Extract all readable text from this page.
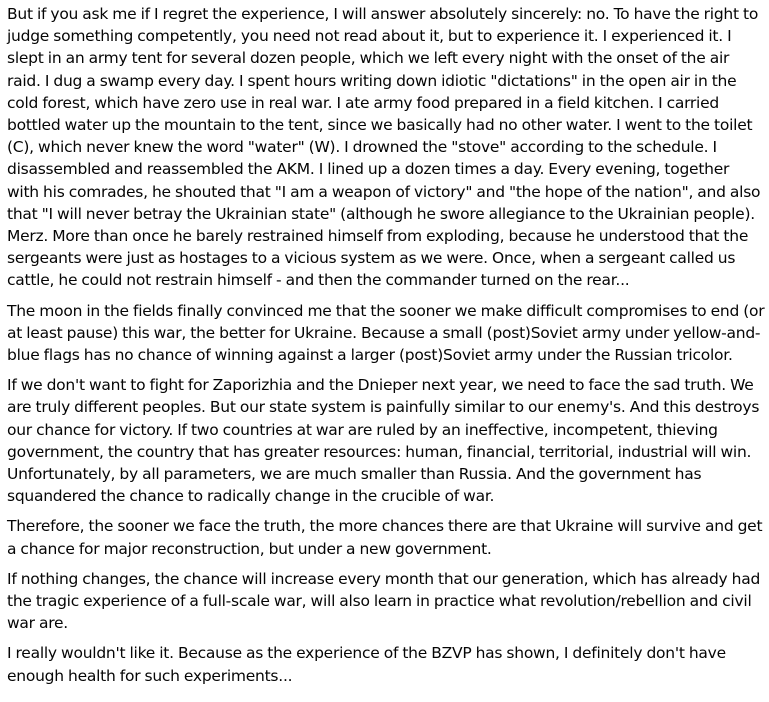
But if you ask me if I regret the experience, I will answer absolutely sincerely: no. To have the right to judge something competently, you need not read about it, but to experience it. I experienced it. I slept in an army tent for several dozen people, which we left every night with the onset of the air raid. I dug a swamp every day. I spent hours writing down idiotic "dictations" in the open air in the cold forest, which have zero use in real war. I ate army food prepared in a field kitchen. I carried bottled water up the mountain to the tent, since we basically had no other water. I went to the toilet (C), which never knew the word "water" (W). I drowned the "stove" according to the schedule. I disassembled and reassembled the AKM. I lined up a dozen times a day. Every evening, together with his comrades, he shouted that "I am a weapon of victory" and "the hope of the nation", and also that "I will never betray the Ukrainian state" (although he swore allegiance to the Ukrainian people). Merz. More than once he barely restrained himself from exploding, because he understood that the sergeants were just as hostages to a vicious system as we were. Once, when a sergeant called us cattle, he could not restrain himself - and then the commander turned on the rear...

The moon in the fields finally convinced me that the sooner we make difficult compromises to end (or at least pause) this war, the better for Ukraine. Because a small (post)Soviet army under yellow-and-blue flags has no chance of winning against a larger (post)Soviet army under the Russian tricolor.

If we don't want to fight for Zaporizhia and the Dnieper next year, we need to face the sad truth. We are truly different peoples. But our state system is painfully similar to our enemy's. And this destroys our chance for victory. If two countries at war are ruled by an ineffective, incompetent, thieving government, the country that has greater resources: human, financial, territorial, industrial will win. Unfortunately, by all parameters, we are much smaller than Russia. And the government has squandered the chance to radically change in the crucible of war.

Therefore, the sooner we face the truth, the more chances there are that Ukraine will survive and get a chance for major reconstruction, but under a new government.

If nothing changes, the chance will increase every month that our generation, which has already had the tragic experience of a full-scale war, will also learn in practice what revolution/rebellion and civil war are.

I really wouldn't like it. Because as the experience of the BZVP has shown, I definitely don't have enough health for such experiments...
